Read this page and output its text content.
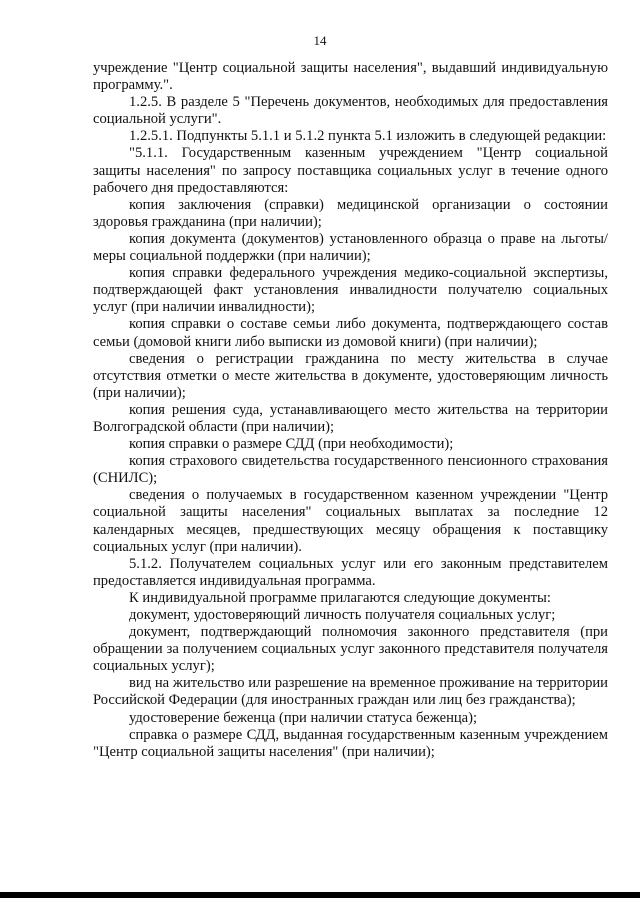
14

учреждение "Центр социальной защиты населения", выдавший индивидуальную программу.".

1.2.5. В разделе 5 "Перечень документов, необходимых для предоставления социальной услуги".

1.2.5.1. Подпункты 5.1.1 и 5.1.2 пункта 5.1 изложить в следующей редакции:

"5.1.1. Государственным казенным учреждением "Центр социальной защиты населения" по запросу поставщика социальных услуг в течение одного рабочего дня предоставляются:

копия заключения (справки) медицинской организации о состоянии здоровья гражданина (при наличии);

копия документа (документов) установленного образца о праве на льготы/меры социальной поддержки (при наличии);

копия справки федерального учреждения медико-социальной экспертизы, подтверждающей факт установления инвалидности получателю социальных услуг (при наличии инвалидности);

копия справки о составе семьи либо документа, подтверждающего состав семьи (домовой книги либо выписки из домовой книги) (при наличии);

сведения о регистрации гражданина по месту жительства в случае отсутствия отметки о месте жительства в документе, удостоверяющим личность (при наличии);

копия решения суда, устанавливающего место жительства на территории Волгоградской области (при наличии);

копия справки о размере СДД (при необходимости);

копия страхового свидетельства государственного пенсионного страхования (СНИЛС);

сведения о получаемых в государственном казенном учреждении "Центр социальной защиты населения" социальных выплатах за последние 12 календарных месяцев, предшествующих месяцу обращения к поставщику социальных услуг (при наличии).

5.1.2. Получателем социальных услуг или его законным представителем предоставляется индивидуальная программа.

К индивидуальной программе прилагаются следующие документы:

документ, удостоверяющий личность получателя социальных услуг;

документ, подтверждающий полномочия законного представителя (при обращении за получением социальных услуг законного представителя получателя социальных услуг);

вид на жительство или разрешение на временное проживание на территории Российской Федерации (для иностранных граждан или лиц без гражданства);

удостоверение беженца (при наличии статуса беженца);

справка о размере СДД, выданная государственным казенным учреждением "Центр социальной защиты населения" (при наличии);
